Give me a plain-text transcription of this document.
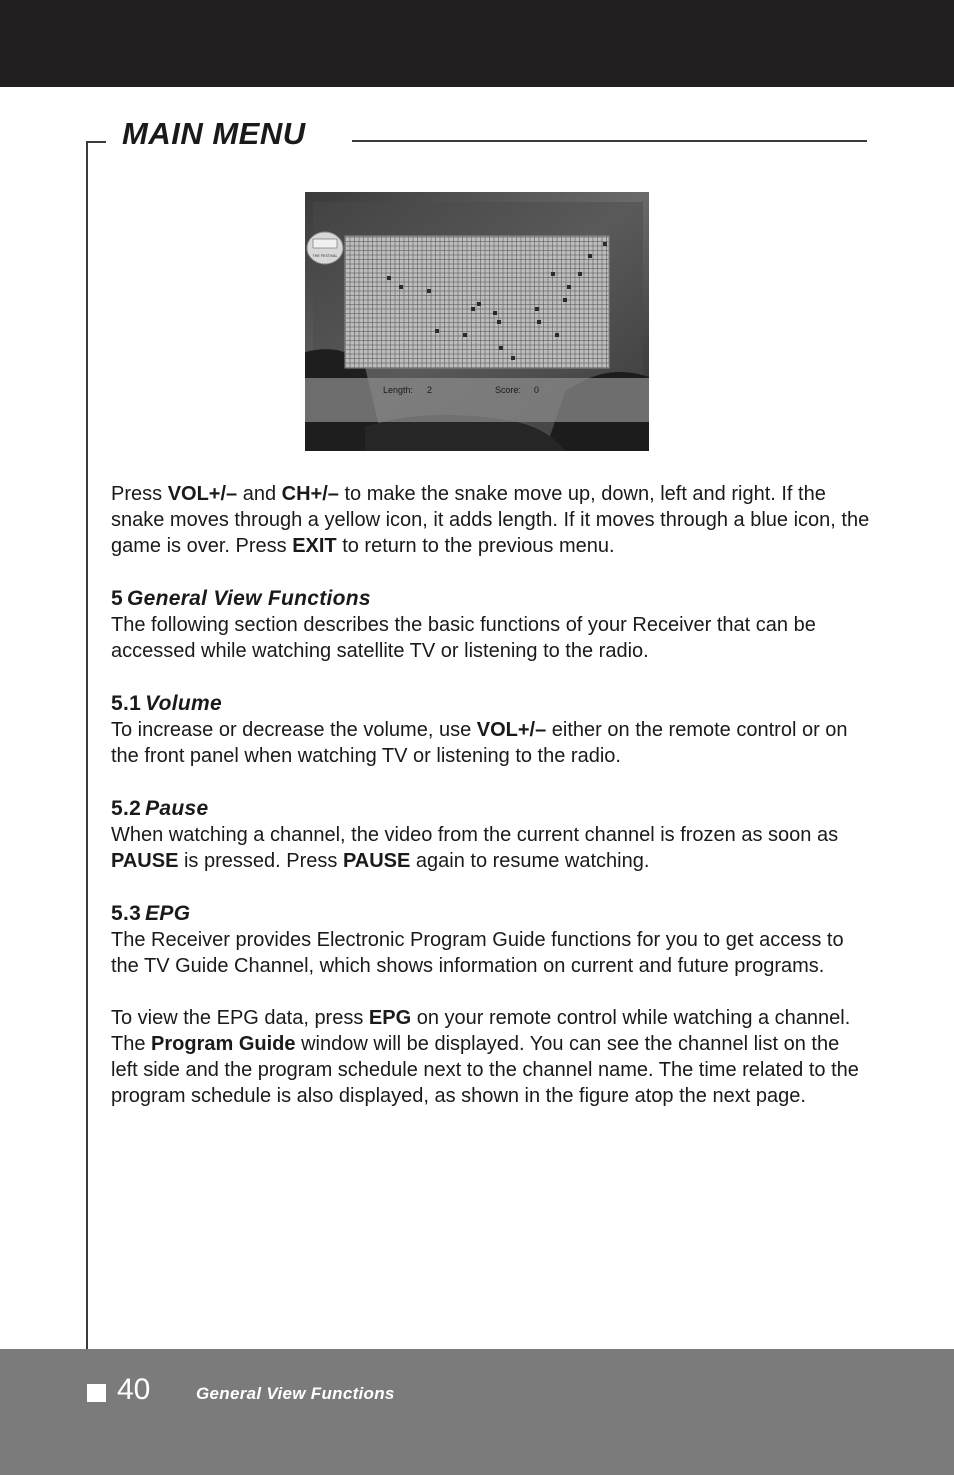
MAIN MENU
THE FESTIVAL
Length: 2	Score: 0

Press VOL+/– and CH+/– to make the snake move up, down, left and right. If the snake moves through a yellow icon, it adds length. If it moves through a blue icon, the game is over. Press EXIT to return to the previous menu.

5 General View Functions

The following section describes the basic functions of your Receiver that can be accessed while watching satellite TV or listening to the radio.

5.1 Volume

To increase or decrease the volume, use VOL+/– either on the remote control or on the front panel when watching TV or listening to the radio.

5.2 Pause

When watching a channel, the video from the current channel is frozen as soon as PAUSE is pressed. Press PAUSE again to resume watching.

5.3 EPG

The Receiver provides Electronic Program Guide functions for you to get access to the TV Guide Channel, which shows information on current and future programs.

To view the EPG data, press EPG on your remote control while watching a channel. The Program Guide window will be displayed. You can see the channel list on the left side and the program schedule next to the channel name. The time related to the program schedule is also displayed, as shown in the figure atop the next page.

40	General View Functions
